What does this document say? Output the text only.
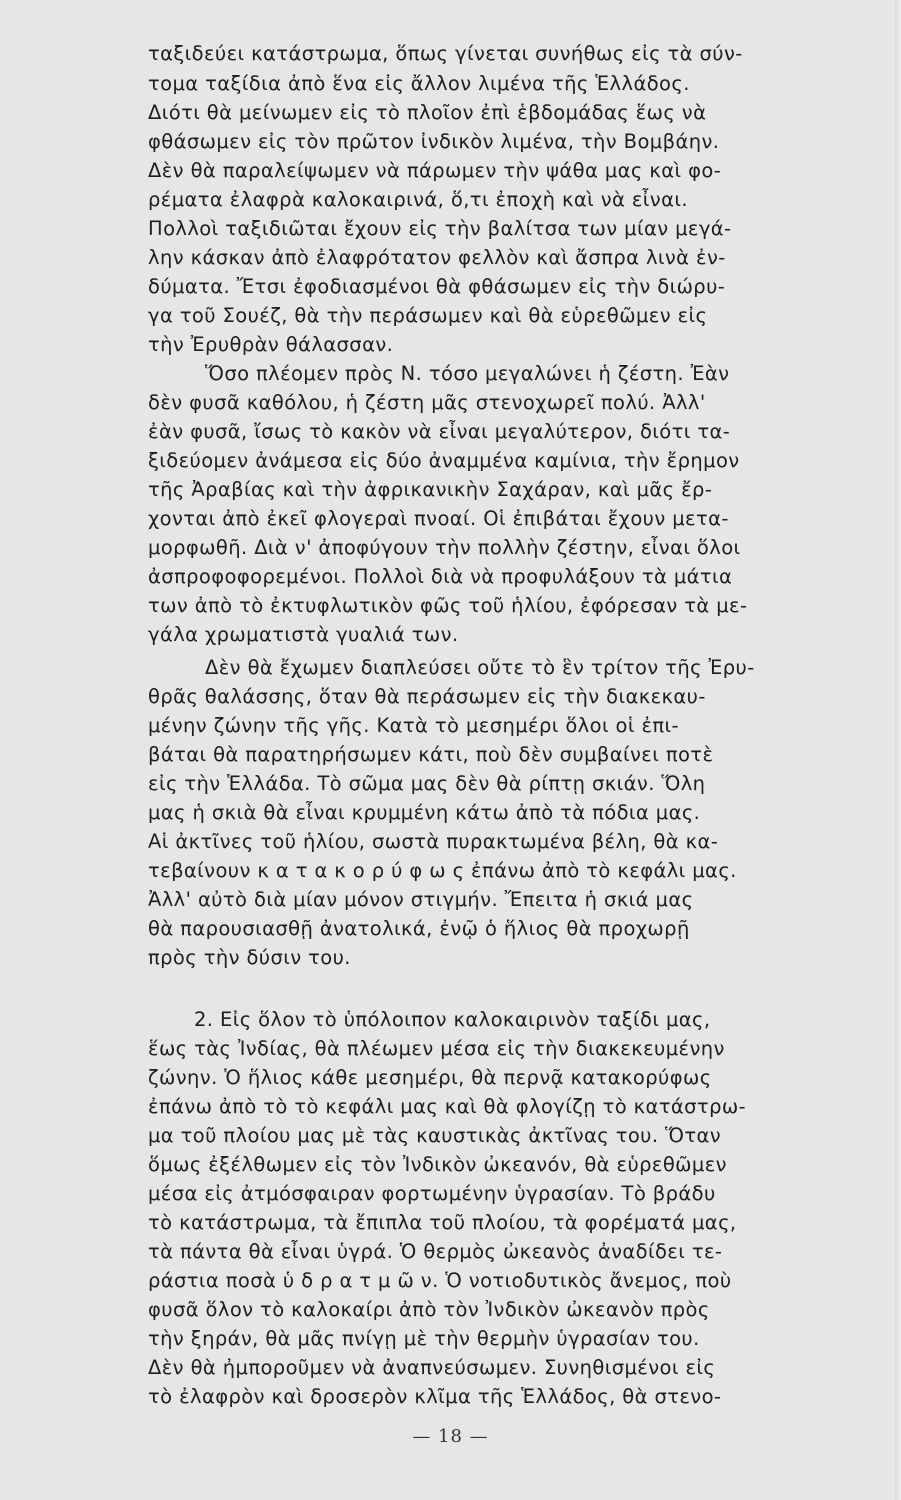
ταξιδεύει κατάστρωμα, ὅπως γίνεται συνήθως εἰς τὰ σύν-
τομα ταξίδια ἀπὸ ἕνα εἰς ἄλλον λιμένα τῆς Ἑλλάδος.
Διότι θὰ μείνωμεν εἰς τὸ πλοῖον ἐπὶ ἑβδομάδας ἕως νὰ
φθάσωμεν εἰς τὸν πρῶτον ἰνδικὸν λιμένα, τὴν Βομβάην.
Δὲν θὰ παραλείψωμεν νὰ πάρωμεν τὴν ψάθα μας καὶ φο-
ρέματα ἐλαφρὰ καλοκαιρινά, ὅ,τι ἐποχὴ καὶ νὰ εἶναι.
Πολλοὶ ταξιδιῶται ἔχουν εἰς τὴν βαλίτσα των μίαν μεγά-
λην κάσκαν ἀπὸ ἐλαφρότατον φελλὸν καὶ ἄσπρα λινὰ ἐν-
δύματα. Ἔτσι ἐφοδιασμένοι θὰ φθάσωμεν εἰς τὴν διώρυ-
γα τοῦ Σουέζ, θὰ τὴν περάσωμεν καὶ θὰ εὑρεθῶμεν εἰς
τὴν Ἐρυθρὰν θάλασσαν.
Ὅσο πλέομεν πρὸς Ν. τόσο μεγαλώνει ἡ ζέστη. Ἐὰν
δὲν φυσᾶ καθόλου, ἡ ζέστη μᾶς στενοχωρεῖ πολύ. Ἀλλ'
ἐὰν φυσᾶ, ἴσως τὸ κακὸν νὰ εἶναι μεγαλύτερον, διότι τα-
ξιδεύομεν ἀνάμεσα εἰς δύο ἀναμμένα καμίνια, τὴν ἔρημον
τῆς Ἀραβίας καὶ τὴν ἀφρικανικὴν Σαχάραν, καὶ μᾶς ἔρ-
χονται ἀπὸ ἐκεῖ φλογεραὶ πνοαί. Οἱ ἐπιβάται ἔχουν μετα-
μορφωθῆ. Διὰ ν' ἀποφύγουν τὴν πολλὴν ζέστην, εἶναι ὅλοι
ἀσπροφοφορεμένοι. Πολλοὶ διὰ νὰ προφυλάξουν τὰ μάτια
των ἀπὸ τὸ ἐκτυφλωτικὸν φῶς τοῦ ἡλίου, ἐφόρεσαν τὰ με-
γάλα χρωματιστὰ γυαλιά των.
Δὲν θὰ ἔχωμεν διαπλεύσει οὔτε τὸ ἓν τρίτον τῆς Ἐρυ-
θρᾶς θαλάσσης, ὅταν θὰ περάσωμεν εἰς τὴν διακεκαυ-
μένην ζώνην τῆς γῆς. Κατὰ τὸ μεσημέρι ὅλοι οἱ ἐπι-
βάται θὰ παρατηρήσωμεν κάτι, ποὺ δὲν συμβαίνει ποτὲ
εἰς τὴν Ἑλλάδα. Τὸ σῶμα μας δὲν θὰ ρίπτῃ σκιάν. Ὅλη
μας ἡ σκιὰ θὰ εἶναι κρυμμένη κάτω ἀπὸ τὰ πόδια μας.
Αἱ ἀκτῖνες τοῦ ἡλίου, σωστὰ πυρακτωμένα βέλη, θὰ κα-
τεβαίνουν κ α τ α κ ο ρ ύ φ ω ς ἐπάνω ἀπὸ τὸ κεφάλι μας.
Ἀλλ' αὐτὸ διὰ μίαν μόνον στιγμήν. Ἔπειτα ἡ σκιά μας
θὰ παρουσιασθῇ ἀνατολικά, ἐνῷ ὁ ἥλιος θὰ προχωρῇ
πρὸς τὴν δύσιν του.
2. Εἰς ὅλον τὸ ὑπόλοιπον καλοκαιρινὸν ταξίδι μας,
ἕως τὰς Ἰνδίας, θὰ πλέωμεν μέσα εἰς τὴν διακεκευμένην
ζώνην. Ὁ ἥλιος κάθε μεσημέρι, θὰ περνᾷ κατακορύφως
ἐπάνω ἀπὸ τὸ τὸ κεφάλι μας καὶ θὰ φλογίζῃ τὸ κατάστρω-
μα τοῦ πλοίου μας μὲ τὰς καυστικὰς ἀκτῖνας του. Ὅταν
ὅμως ἐξέλθωμεν εἰς τὸν Ἰνδικὸν ὠκεανόν, θὰ εὑρεθῶμεν
μέσα εἰς ἀτμόσφαιραν φορτωμένην ὑγρασίαν. Τὸ βράδυ
τὸ κατάστρωμα, τὰ ἔπιπλα τοῦ πλοίου, τὰ φορέματά μας,
τὰ πάντα θὰ εἶναι ὑγρά. Ὁ θερμὸς ὠκεανὸς ἀναδίδει τε-
ράστια ποσὰ ὑ δ ρ α τ μ ῶ ν. Ὁ νοτιοδυτικὸς ἄνεμος, ποὺ
φυσᾶ ὅλον τὸ καλοκαίρι ἀπὸ τὸν Ἰνδικὸν ὠκεανὸν πρὸς
τὴν ξηράν, θὰ μᾶς πνίγῃ μὲ τὴν θερμὴν ὑγρασίαν του.
Δὲν θὰ ἠμποροῦμεν νὰ ἀναπνεύσωμεν. Συνηθισμένοι εἰς
τὸ ἐλαφρὸν καὶ δροσερὸν κλῖμα τῆς Ἑλλάδος, θὰ στενο-
— 18 —
